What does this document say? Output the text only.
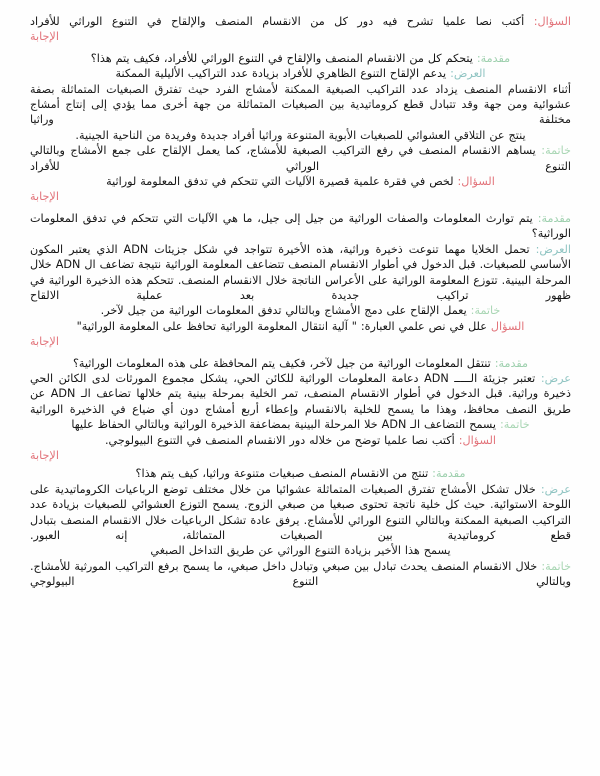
السؤال: أكتب نصا علميا تشرح فيه دور كل من الانقسام المنصف والإلقاح في التنوع الوراثي للأفراد

الإجابة

مقدمة: يتحكم كل من الانقسام المنصف والإلقاح في التنوع الوراثي للأفراد، فكيف يتم هذا؟

العرض: يدعم الإلقاح التنوع الظاهري للأفراد بزيادة عدد التراكيب الأليلية الممكنة

أثناء الانقسام المنصف يزداد عدد التراكيب الصبغية الممكنة لأمشاج الفرد حيث تفترق الصبغيات المتماثلة بصفة عشوائية ومن جهة وقد تتبادل قطع كروماتيدية بين الصبغيات المتماثلة من جهة أخرى مما يؤدي إلى إنتاج أمشاج مختلفة وراثيا

ينتج عن التلاقي العشوائي للصبغيات الأبوية المتنوعة وراثيا أفراد جديدة وفريدة من الناحية الجينية.

خاتمة: يساهم الانقسام المنصف في رفع التراكيب الصبغية للأمشاج، كما يعمل الإلقاح على جمع الأمشاج وبالتالي التنوع الوراثي للأفراد

السؤال: لخص في فقرة علمية قصيرة الآليات التي تتحكم في تدفق المعلومة لوراثية

الإجابة

مقدمة: يتم توارث المعلومات والصفات الوراثية من جيل إلى جيل، ما هي الآليات التي تتحكم في تدفق المعلومات الوراثية؟

العرض: تحمل الخلايا مهما تنوعت ذخيرة وراثية، هذه الأخيرة تتواجد في شكل جزيئات ADN الذي يعتبر المكون الأساسي للصبغيات. قبل الدخول في أطوار الانقسام المنصف تتضاعف المعلومة الوراثية نتيجة تضاعف ال ADN خلال المرحلة البينية. تتوزع المعلومة الوراثية على الأعراس الناتجة خلال الانقسام المنصف. تتحكم هذه الذخيرة الوراثية في ظهور تراكيب جديدة بعد عملية الالقاح

خاتمة: يعمل الإلقاح على دمج الأمشاج وبالتالي تدفق المعلومات الوراثية من جيل لآخر.

السؤال علل في نص علمي العبارة: " آلية انتقال المعلومة الوراثية تحافظ على المعلومة الوراثية"

الإجابة

مقدمة: تنتقل المعلومات الوراثية من جيل لآخر، فكيف يتم المحافظة على هذه المعلومات الوراثية؟

عرض: تعتبر جزيئة الـــــ ADN دعامة المعلومات الوراثية للكائن الحي، يشكل مجموع المورثات لدى الكائن الحي ذخيرة وراثية. قبل الدخول في أطوار الانقسام المنصف، تمر الخلية بمرحلة بينية يتم خلالها تضاعف الـ ADN عن طريق النصف محافظ، وهذا ما يسمح للخلية بالانقسام وإعطاء أربع أمشاج دون أي ضياع في الذخيرة الوراثية

خاتمة: يسمح التضاعف الـ ADN خلا المرحلة البينية بمضاعفة الذخيرة الوراثية وبالتالي الحفاظ عليها

السؤال: أكتب نصا علميا توضح من خلاله دور الانقسام المنصف في التنوع البيولوجي.

الإجابة

مقدمة: تنتج من الانقسام المنصف صبغيات متنوعة وراثيا، كيف يتم هذا؟

عرض: خلال تشكل الأمشاج تفترق الصبغيات المتماثلة عشوائيا من خلال مختلف توضع الرباعيات الكروماتيدية على اللوحة الاستوائية. حيث كل خلية ناتجة تحتوى صبغيا من صبغي الزوج. يسمح التوزع العشوائي للصبغيات بزيادة عدد التراكيب الصبغية الممكنة وبالتالي التنوع الوراثي للأمشاج. يرفق عادة تشكل الرباعيات خلال الانقسام المنصف بتبادل قطع كروماتيدية بين الصبغيات المتماثلة، إنه العبور.

يسمح هذا الأخير بزيادة التنوع الوراثي عن طريق التداخل الصبغي

خاتمة: خلال الانقسام المنصف يحدث تبادل بين صبغي وتبادل داخل صبغي، ما يسمح برفع التراكيب المورثية للأمشاج. وبالتالي التنوع البيولوجي
